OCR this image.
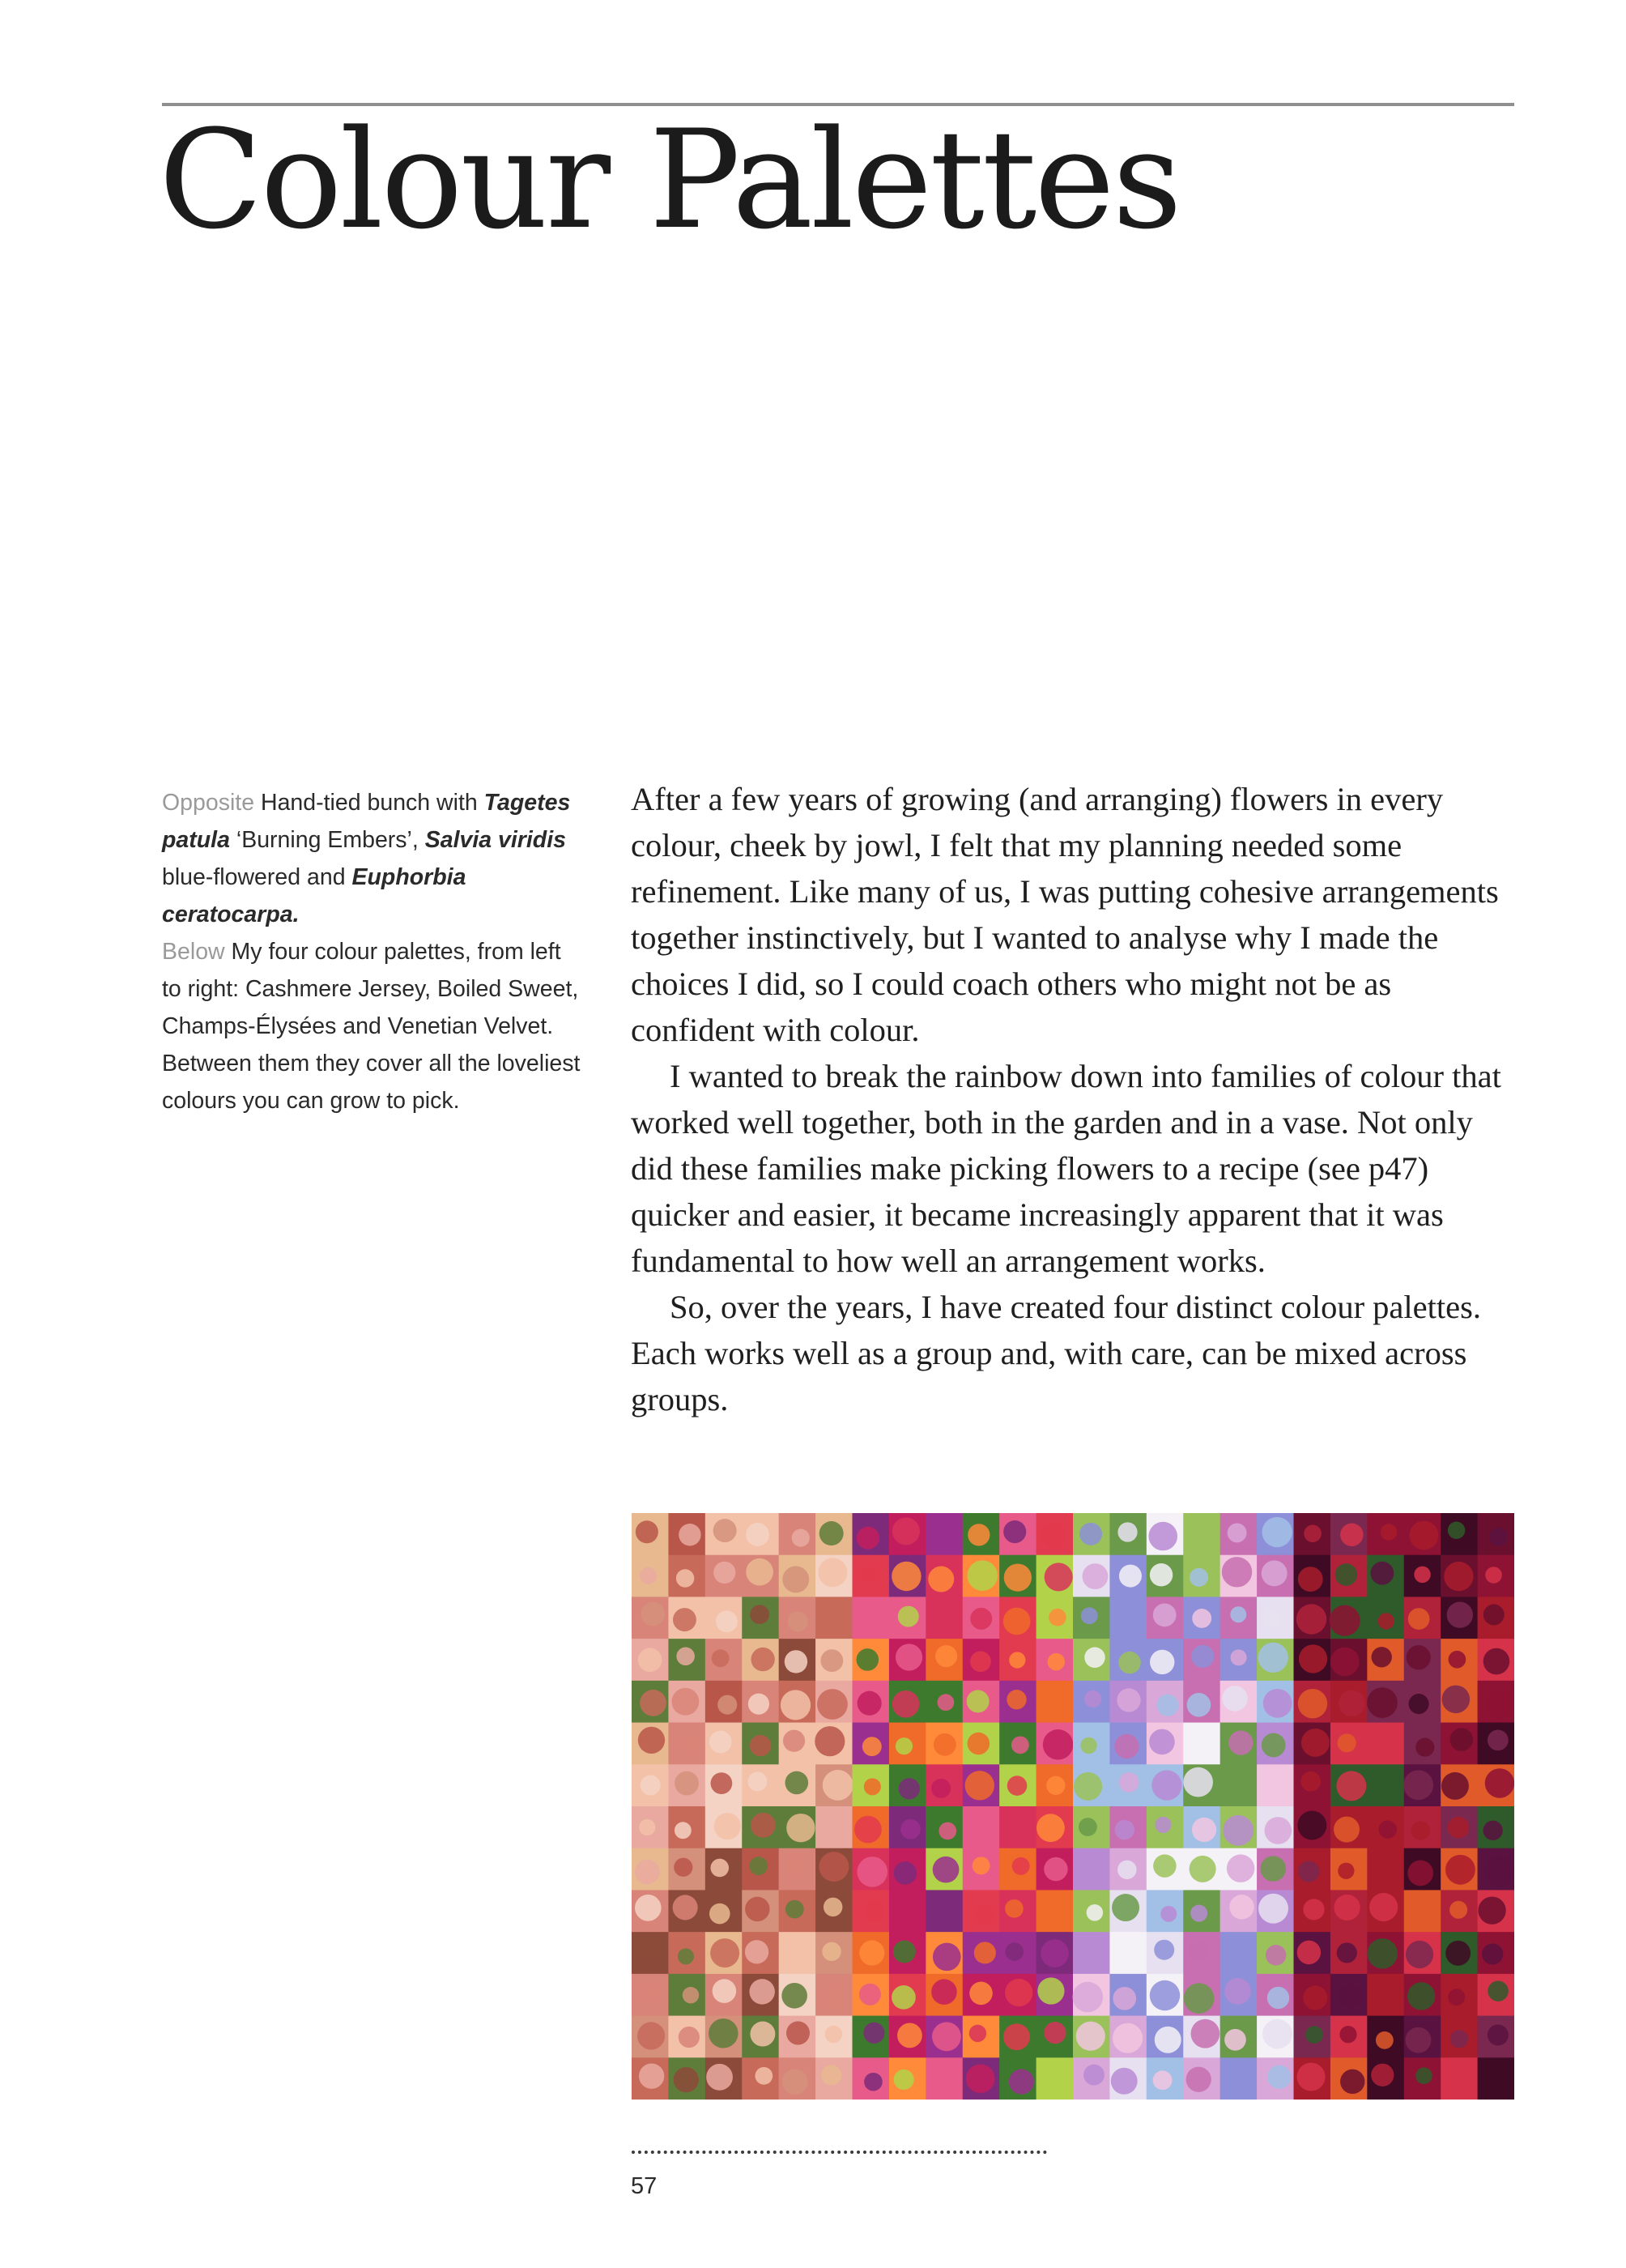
Colour Palettes

Opposite Hand-tied bunch with Tagetes patula ‘Burning Embers’, Salvia viridis blue-flowered and Euphorbia ceratocarpa.

Below My four colour palettes, from left to right: Cashmere Jersey, Boiled Sweet, Champs-Élysées and Venetian Velvet. Between them they cover all the loveliest colours you can grow to pick.

After a few years of growing (and arranging) flowers in every colour, cheek by jowl, I felt that my planning needed some refinement. Like many of us, I was putting cohesive arrangements together instinctively, but I wanted to analyse why I made the choices I did, so I could coach others who might not be as confident with colour.

I wanted to break the rainbow down into families of colour that worked well together, both in the garden and in a vase. Not only did these families make picking flowers to a recipe (see p47) quicker and easier, it became increasingly apparent that it was fundamental to how well an arrangement works.

So, over the years, I have created four distinct colour palettes. Each works well as a group and, with care, can be mixed across groups.

57
